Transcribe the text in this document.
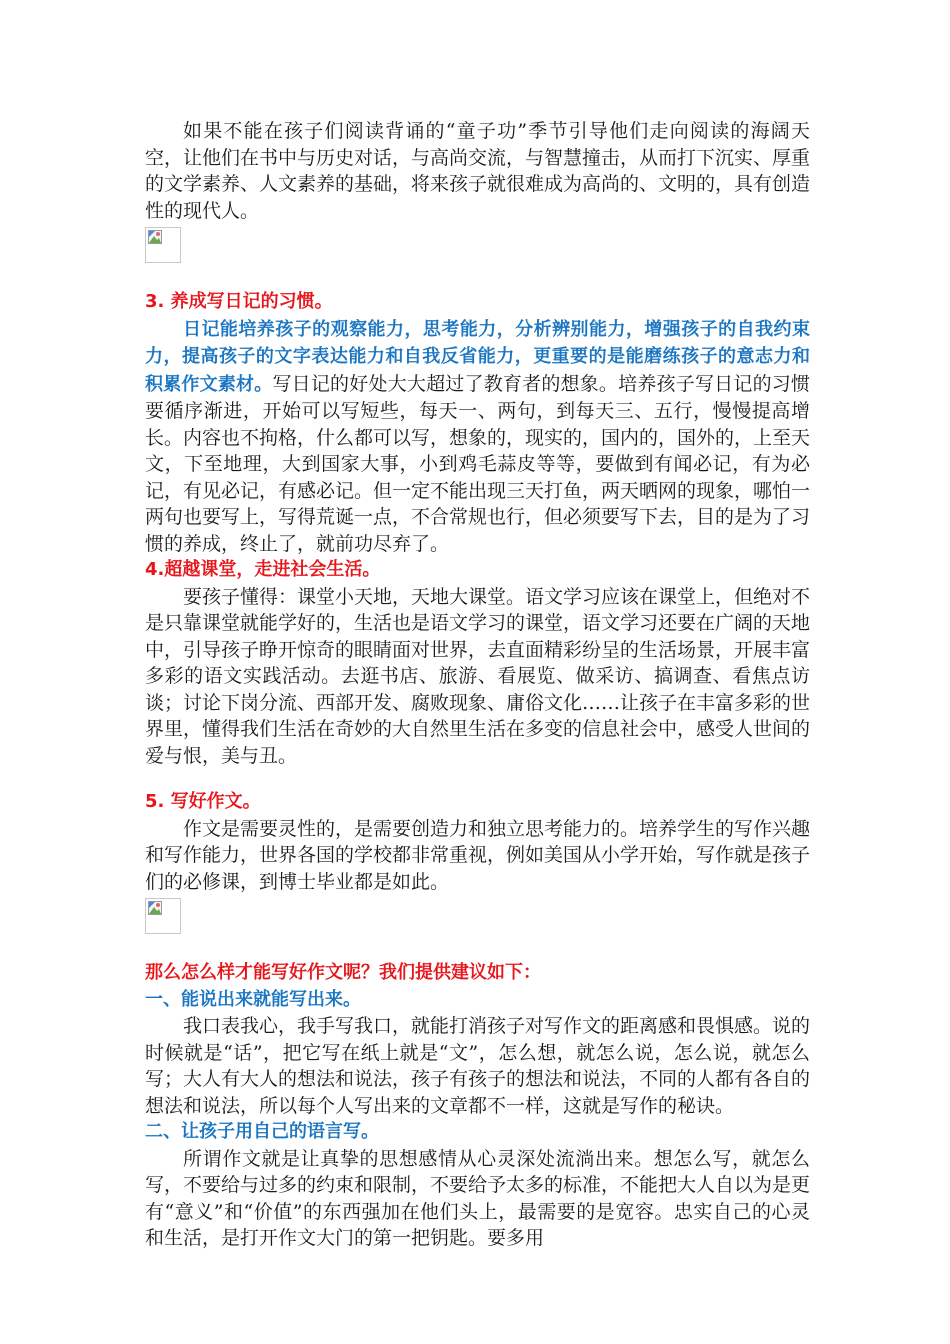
如果不能在孩子们阅读背诵的“童子功”季节引导他们走向阅读的海阔天空，让他们在书中与历史对话，与高尚交流，与智慧撞击，从而打下沉实、厚重的文学素养、人文素养的基础，将来孩子就很难成为高尚的、文明的，具有创造性的现代人。

3. 养成写日记的习惯。

日记能培养孩子的观察能力，思考能力，分析辨别能力，增强孩子的自我约束力，提高孩子的文字表达能力和自我反省能力，更重要的是能磨练孩子的意志力和积累作文素材。写日记的好处大大超过了教育者的想象。培养孩子写日记的习惯要循序渐进，开始可以写短些，每天一、两句，到每天三、五行，慢慢提高增长。内容也不拘格，什么都可以写，想象的，现实的，国内的，国外的，上至天文，下至地理，大到国家大事，小到鸡毛蒜皮等等，要做到有闻必记，有为必记，有见必记，有感必记。但一定不能出现三天打鱼，两天晒网的现象，哪怕一两句也要写上，写得荒诞一点，不合常规也行，但必须要写下去，目的是为了习惯的养成，终止了，就前功尽弃了。

4.超越课堂，走进社会生活。

要孩子懂得：课堂小天地，天地大课堂。语文学习应该在课堂上，但绝对不是只靠课堂就能学好的，生活也是语文学习的课堂，语文学习还要在广阔的天地中，引导孩子睁开惊奇的眼睛面对世界，去直面精彩纷呈的生活场景，开展丰富多彩的语文实践活动。去逛书店、旅游、看展览、做采访、搞调查、看焦点访谈；讨论下岗分流、西部开发、腐败现象、庸俗文化……让孩子在丰富多彩的世界里，懂得我们生活在奇妙的大自然里生活在多变的信息社会中，感受人世间的爱与恨，美与丑。

5. 写好作文。

作文是需要灵性的，是需要创造力和独立思考能力的。培养学生的写作兴趣和写作能力，世界各国的学校都非常重视，例如美国从小学开始，写作就是孩子们的必修课，到博士毕业都是如此。

那么怎么样才能写好作文呢？我们提供建议如下：

一、能说出来就能写出来。

我口表我心，我手写我口，就能打消孩子对写作文的距离感和畏惧感。说的时候就是“话”，把它写在纸上就是“文”，怎么想，就怎么说，怎么说，就怎么写；大人有大人的想法和说法，孩子有孩子的想法和说法，不同的人都有各自的想法和说法，所以每个人写出来的文章都不一样，这就是写作的秘诀。

二、让孩子用自己的语言写。

所谓作文就是让真挚的思想感情从心灵深处流淌出来。想怎么写，就怎么写，不要给与过多的约束和限制，不要给予太多的标准，不能把大人自以为是更有“意义”和“价值”的东西强加在他们头上，最需要的是宽容。忠实自己的心灵和生活，是打开作文大门的第一把钥匙。要多用
